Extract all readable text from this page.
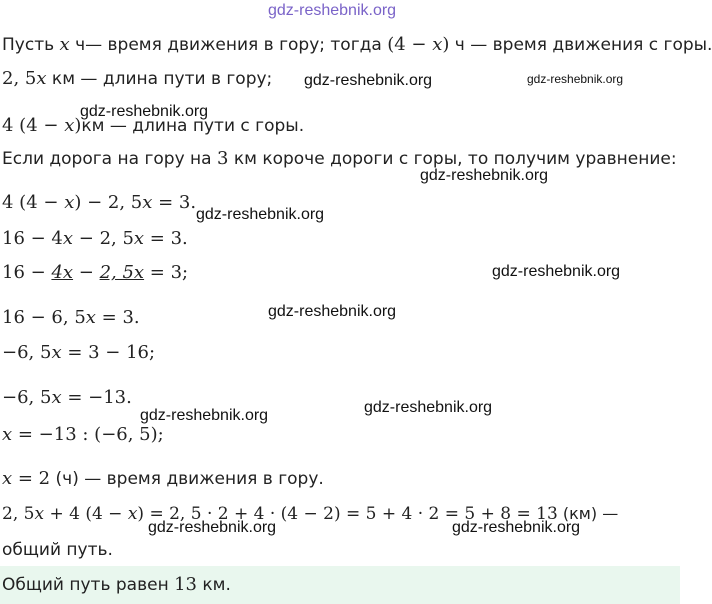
gdz-reshebnik.org
Пусть x ч— время движения в гору; тогда (4 − x) ч — время движения с горы.
2, 5x км — длина пути в гору; gdz-reshebnik.org	gdz-reshebnik.org
4 (4 − x)км — длина пути с горы.
gdz-reshebnik.org
Если дорога на гору на 3 км короче дороги с горы, то получим уравнение:
gdz-reshebnik.org
4 (4 − x) − 2, 5x = 3.
gdz-reshebnik.org
16 − 4x − 2, 5x = 3.
16 − 4x − 2, 5x = 3;	gdz-reshebnik.org
16 − 6, 5x = 3.	gdz-reshebnik.org
−6, 5x = 3 − 16;
−6, 5x = −13.	gdz-reshebnik.org
x = −13 : (−6, 5);
gdz-reshebnik.org
x = 2 (ч) — время движения в гору.
2, 5x + 4 (4 − x) = 2, 5 · 2 + 4 · (4 − 2) = 5 + 4 · 2 = 5 + 8 = 13 (км) —
gdz-reshebnik.org	gdz-reshebnik.org
общий путь.
Общий путь равен 13 км.
